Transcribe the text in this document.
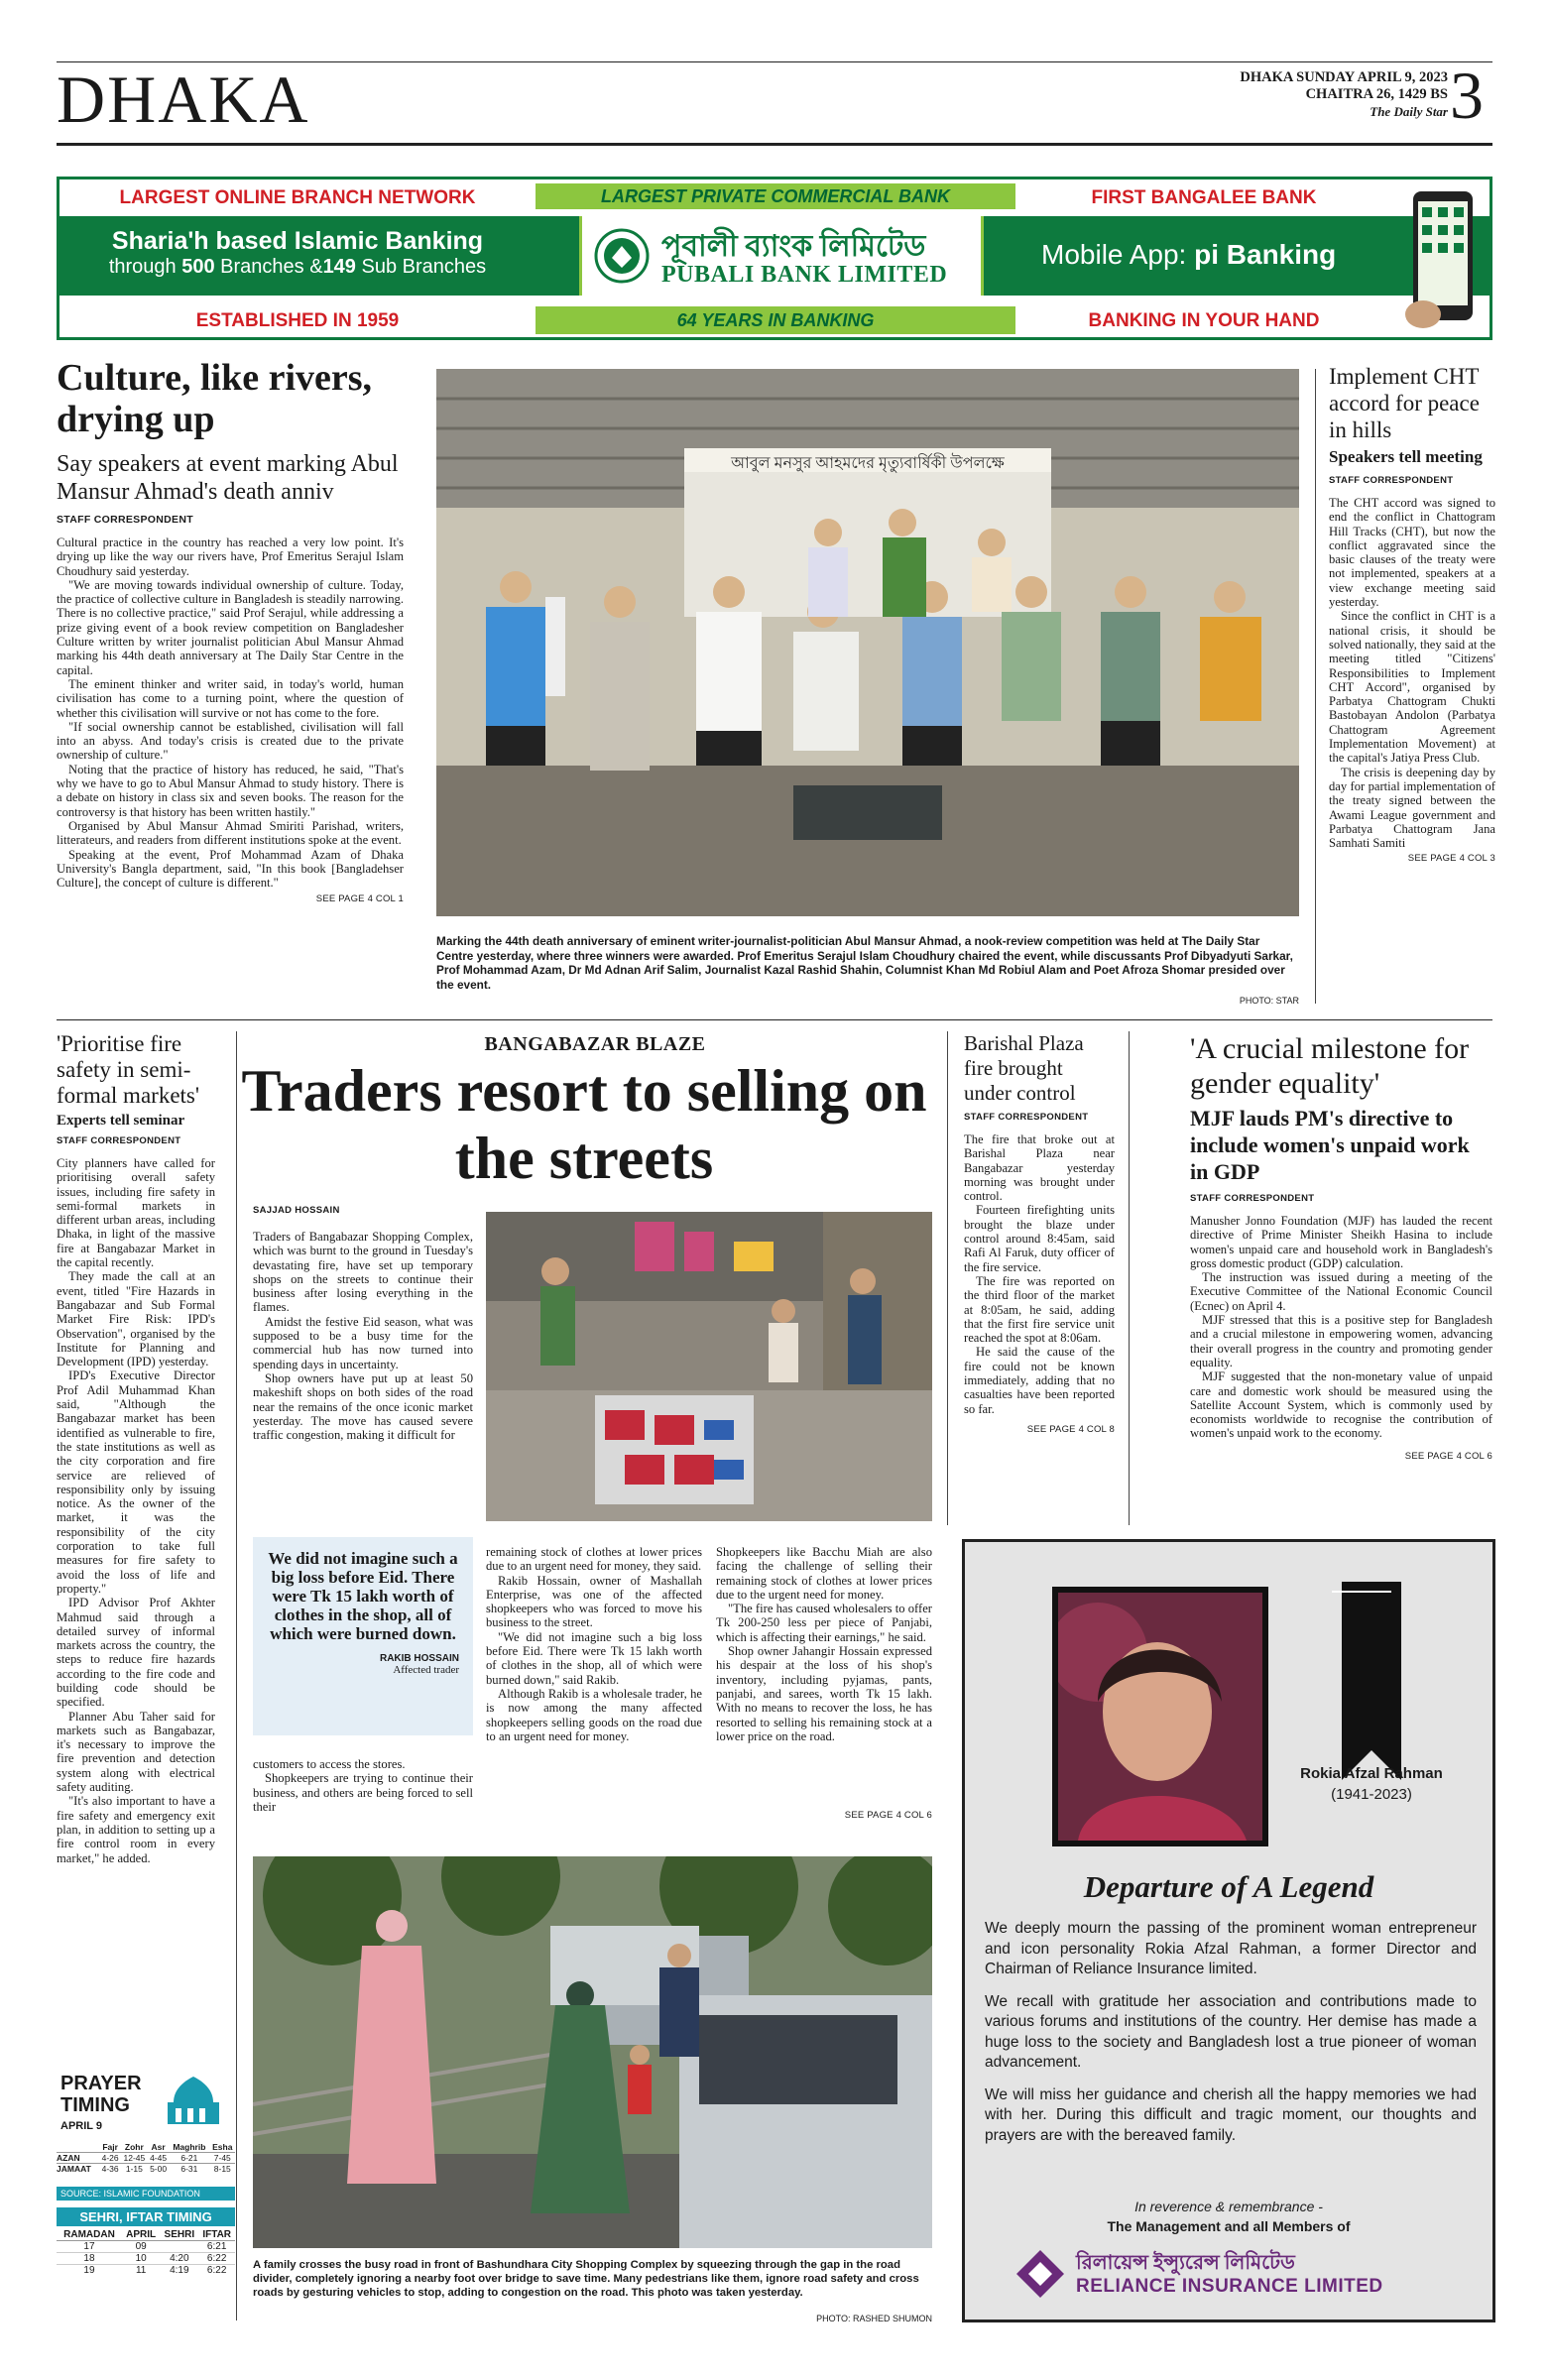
DHAKA	DHAKA SUNDAY APRIL 9, 2023
CHAITRA 26, 1429 BS
The Daily Star 3
LARGEST ONLINE BRANCH NETWORK	LARGEST PRIVATE COMMERCIAL BANK	FIRST BANGALEE BANK
Sharia'h based Islamic Banking
through 500 Branches &149 Sub Branches
পূবালী ব্যাংক লিমিটেড
PUBALI BANK LIMITED
Mobile App: pi Banking
ESTABLISHED IN 1959	64 YEARS IN BANKING	BANKING IN YOUR HAND
Culture, like rivers, drying up
Say speakers at event marking Abul Mansur Ahmad's death anniv
STAFF CORRESPONDENT

Cultural practice in the country has reached a very low point. It's drying up like the way our rivers have, Prof Emeritus Serajul Islam Choudhury said yesterday.

"We are moving towards individual ownership of culture. Today, the practice of collective culture in Bangladesh is steadily narrowing. There is no collective practice," said Prof Serajul, while addressing a prize giving event of a book review competition on Bangladesher Culture written by writer journalist politician Abul Mansur Ahmad marking his 44th death anniversary at The Daily Star Centre in the capital.

The eminent thinker and writer said, in today's world, human civilisation has come to a turning point, where the question of whether this civilisation will survive or not has come to the fore.

"If social ownership cannot be established, civilisation will fall into an abyss. And today's crisis is created due to the private ownership of culture."

Noting that the practice of history has reduced, he said, "That's why we have to go to Abul Mansur Ahmad to study history. There is a debate on history in class six and seven books. The reason for the controversy is that history has been written hastily."

Organised by Abul Mansur Ahmad Smiriti Parishad, writers, litterateurs, and readers from different institutions spoke at the event.

Speaking at the event, Prof Mohammad Azam of Dhaka University's Bangla department, said, "In this book [Bangladehser Culture], the concept of culture is different."

SEE PAGE 4 COL 1
আবুল মনসুর আহমদের মৃত্যুবার্ষিকী উপলক্ষে
Marking the 44th death anniversary of eminent writer-journalist-politician Abul Mansur Ahmad, a nook-review competition was held at The Daily Star Centre yesterday, where three winners were awarded. Prof Emeritus Serajul Islam Choudhury chaired the event, while discussants Prof Dibyadyuti Sarkar, Prof Mohammad Azam, Dr Md Adnan Arif Salim, Journalist Kazal Rashid Shahin, Columnist Khan Md Robiul Alam and Poet Afroza Shomar presided over the event.
PHOTO: STAR
Implement CHT accord for peace in hills
Speakers tell meeting
STAFF CORRESPONDENT

The CHT accord was signed to end the conflict in Chattogram Hill Tracks (CHT), but now the conflict aggravated since the basic clauses of the treaty were not implemented, speakers at a view exchange meeting said yesterday.

Since the conflict in CHT is a national crisis, it should be solved nationally, they said at the meeting titled "Citizens' Responsibilities to Implement CHT Accord", organised by Parbatya Chattogram Chukti Bastobayan Andolon (Parbatya Chattogram Agreement Implementation Movement) at the capital's Jatiya Press Club.

The crisis is deepening day by day for partial implementation of the treaty signed between the Awami League government and Parbatya Chattogram Jana Samhati Samiti

SEE PAGE 4 COL 3
'Prioritise fire safety in semi-formal markets'
Experts tell seminar
STAFF CORRESPONDENT

City planners have called for prioritising overall safety issues, including fire safety in semi-formal markets in different urban areas, including Dhaka, in light of the massive fire at Bangabazar Market in the capital recently.

They made the call at an event, titled "Fire Hazards in Bangabazar and Sub Formal Market Fire Risk: IPD's Observation", organised by the Institute for Planning and Development (IPD) yesterday.

IPD's Executive Director Prof Adil Muhammad Khan said, "Although the Bangabazar market has been identified as vulnerable to fire, the state institutions as well as the city corporation and fire service are relieved of responsibility only by issuing notice. As the owner of the market, it was the responsibility of the city corporation to take full measures for fire safety to avoid the loss of life and property."

IPD Advisor Prof Akhter Mahmud said through a detailed survey of informal markets across the country, the steps to reduce fire hazards according to the fire code and building code should be specified.

Planner Abu Taher said for markets such as Bangabazar, it's necessary to improve the fire prevention and detection system along with electrical safety auditing.

"It's also important to have a fire safety and emergency exit plan, in addition to setting up a fire control room in every market," he added.

BANGABAZAR BLAZE
Traders resort to selling on the streets
SAJJAD HOSSAIN

Traders of Bangabazar Shopping Complex, which was burnt to the ground in Tuesday's devastating fire, have set up temporary shops on the streets to continue their business after losing everything in the flames.

Amidst the festive Eid season, what was supposed to be a busy time for the commercial hub has now turned into spending days in uncertainty.

Shop owners have put up at least 50 makeshift shops on both sides of the road near the remains of the once iconic market yesterday. The move has caused severe traffic congestion, making it difficult for

We did not imagine such a big loss before Eid. There were Tk 15 lakh worth of clothes in the shop, all of which were burned down.
RAKIB HOSSAIN
Affected trader

customers to access the stores.

Shopkeepers are trying to continue their business, and others are being forced to sell their

remaining stock of clothes at lower prices due to an urgent need for money, they said.

Rakib Hossain, owner of Mashallah Enterprise, was one of the affected shopkeepers who was forced to move his business to the street.

"We did not imagine such a big loss before Eid. There were Tk 15 lakh worth of clothes in the shop, all of which were burned down," said Rakib.

Although Rakib is a wholesale trader, he is now among the many affected shopkeepers selling goods on the road due to an urgent need for money.

Shopkeepers like Bacchu Miah are also facing the challenge of selling their remaining stock of clothes at lower prices due to the urgent need for money.

"The fire has caused wholesalers to offer Tk 200-250 less per piece of Panjabi, which is affecting their earnings," he said.

Shop owner Jahangir Hossain expressed his despair at the loss of his shop's inventory, including pyjamas, pants, panjabi, and sarees, worth Tk 15 lakh. With no means to recover the loss, he has resorted to selling his remaining stock at a lower price on the road.

SEE PAGE 4 COL 6
Barishal Plaza fire brought under control
STAFF CORRESPONDENT

The fire that broke out at Barishal Plaza near Bangabazar yesterday morning was brought under control.

Fourteen firefighting units brought the blaze under control around 8:45am, said Rafi Al Faruk, duty officer of the fire service.

The fire was reported on the third floor of the market at 8:05am, he said, adding that the first fire service unit reached the spot at 8:06am.

He said the cause of the fire could not be known immediately, adding that no casualties have been reported so far.

SEE PAGE 4 COL 8
'A crucial milestone for gender equality'
MJF lauds PM's directive to include women's unpaid work in GDP
STAFF CORRESPONDENT

Manusher Jonno Foundation (MJF) has lauded the recent directive of Prime Minister Sheikh Hasina to include women's unpaid care and household work in Bangladesh's gross domestic product (GDP) calculation.

The instruction was issued during a meeting of the Executive Committee of the National Economic Council (Ecnec) on April 4.

MJF stressed that this is a positive step for Bangladesh and a crucial milestone in empowering women, advancing their overall progress in the country and promoting gender equality.

MJF suggested that the non-monetary value of unpaid care and domestic work should be measured using the Satellite Account System, which is commonly used by economists worldwide to recognise the contribution of women's unpaid work to the economy.

SEE PAGE 4 COL 6
PRAYER
TIMING
APRIL 9
	Fajr	Zohr	Asr	Maghrib	Esha
AZAN	4-26	12-45	4-45	6-21	7-45
JAMAAT	4-36	1-15	5-00	6-31	8-15
SOURCE: ISLAMIC FOUNDATION
SEHRI, IFTAR TIMING
RAMADAN	APRIL	SEHRI	IFTAR
17	09		6:21
18	10	4:20	6:22
19	11	4:19	6:22 A family crosses the busy road in front of Bashundhara City Shopping Complex by squeezing through the gap in the road divider, completely ignoring a nearby foot over bridge to save time. Many pedestrians like them, ignore road safety and cross roads by gesturing vehicles to stop, adding to congestion on the road. This photo was taken yesterday.
PHOTO: RASHED SHUMON
Rokia Afzal Rahman
(1941-2023)
Departure of A Legend

We deeply mourn the passing of the prominent woman entrepreneur and icon personality Rokia Afzal Rahman, a former Director and Chairman of Reliance Insurance limited.

We recall with gratitude her association and contributions made to various forums and institutions of the country. Her demise has made a huge loss to the society and Bangladesh lost a true pioneer of woman advancement.

We will miss her guidance and cherish all the happy memories we had with her. During this difficult and tragic moment, our thoughts and prayers are with the bereaved family.

In reverence & remembrance -
The Management and all Members of
রিলায়েন্স ইন্স্যুরেন্স লিমিটেড
RELIANCE INSURANCE LIMITED
